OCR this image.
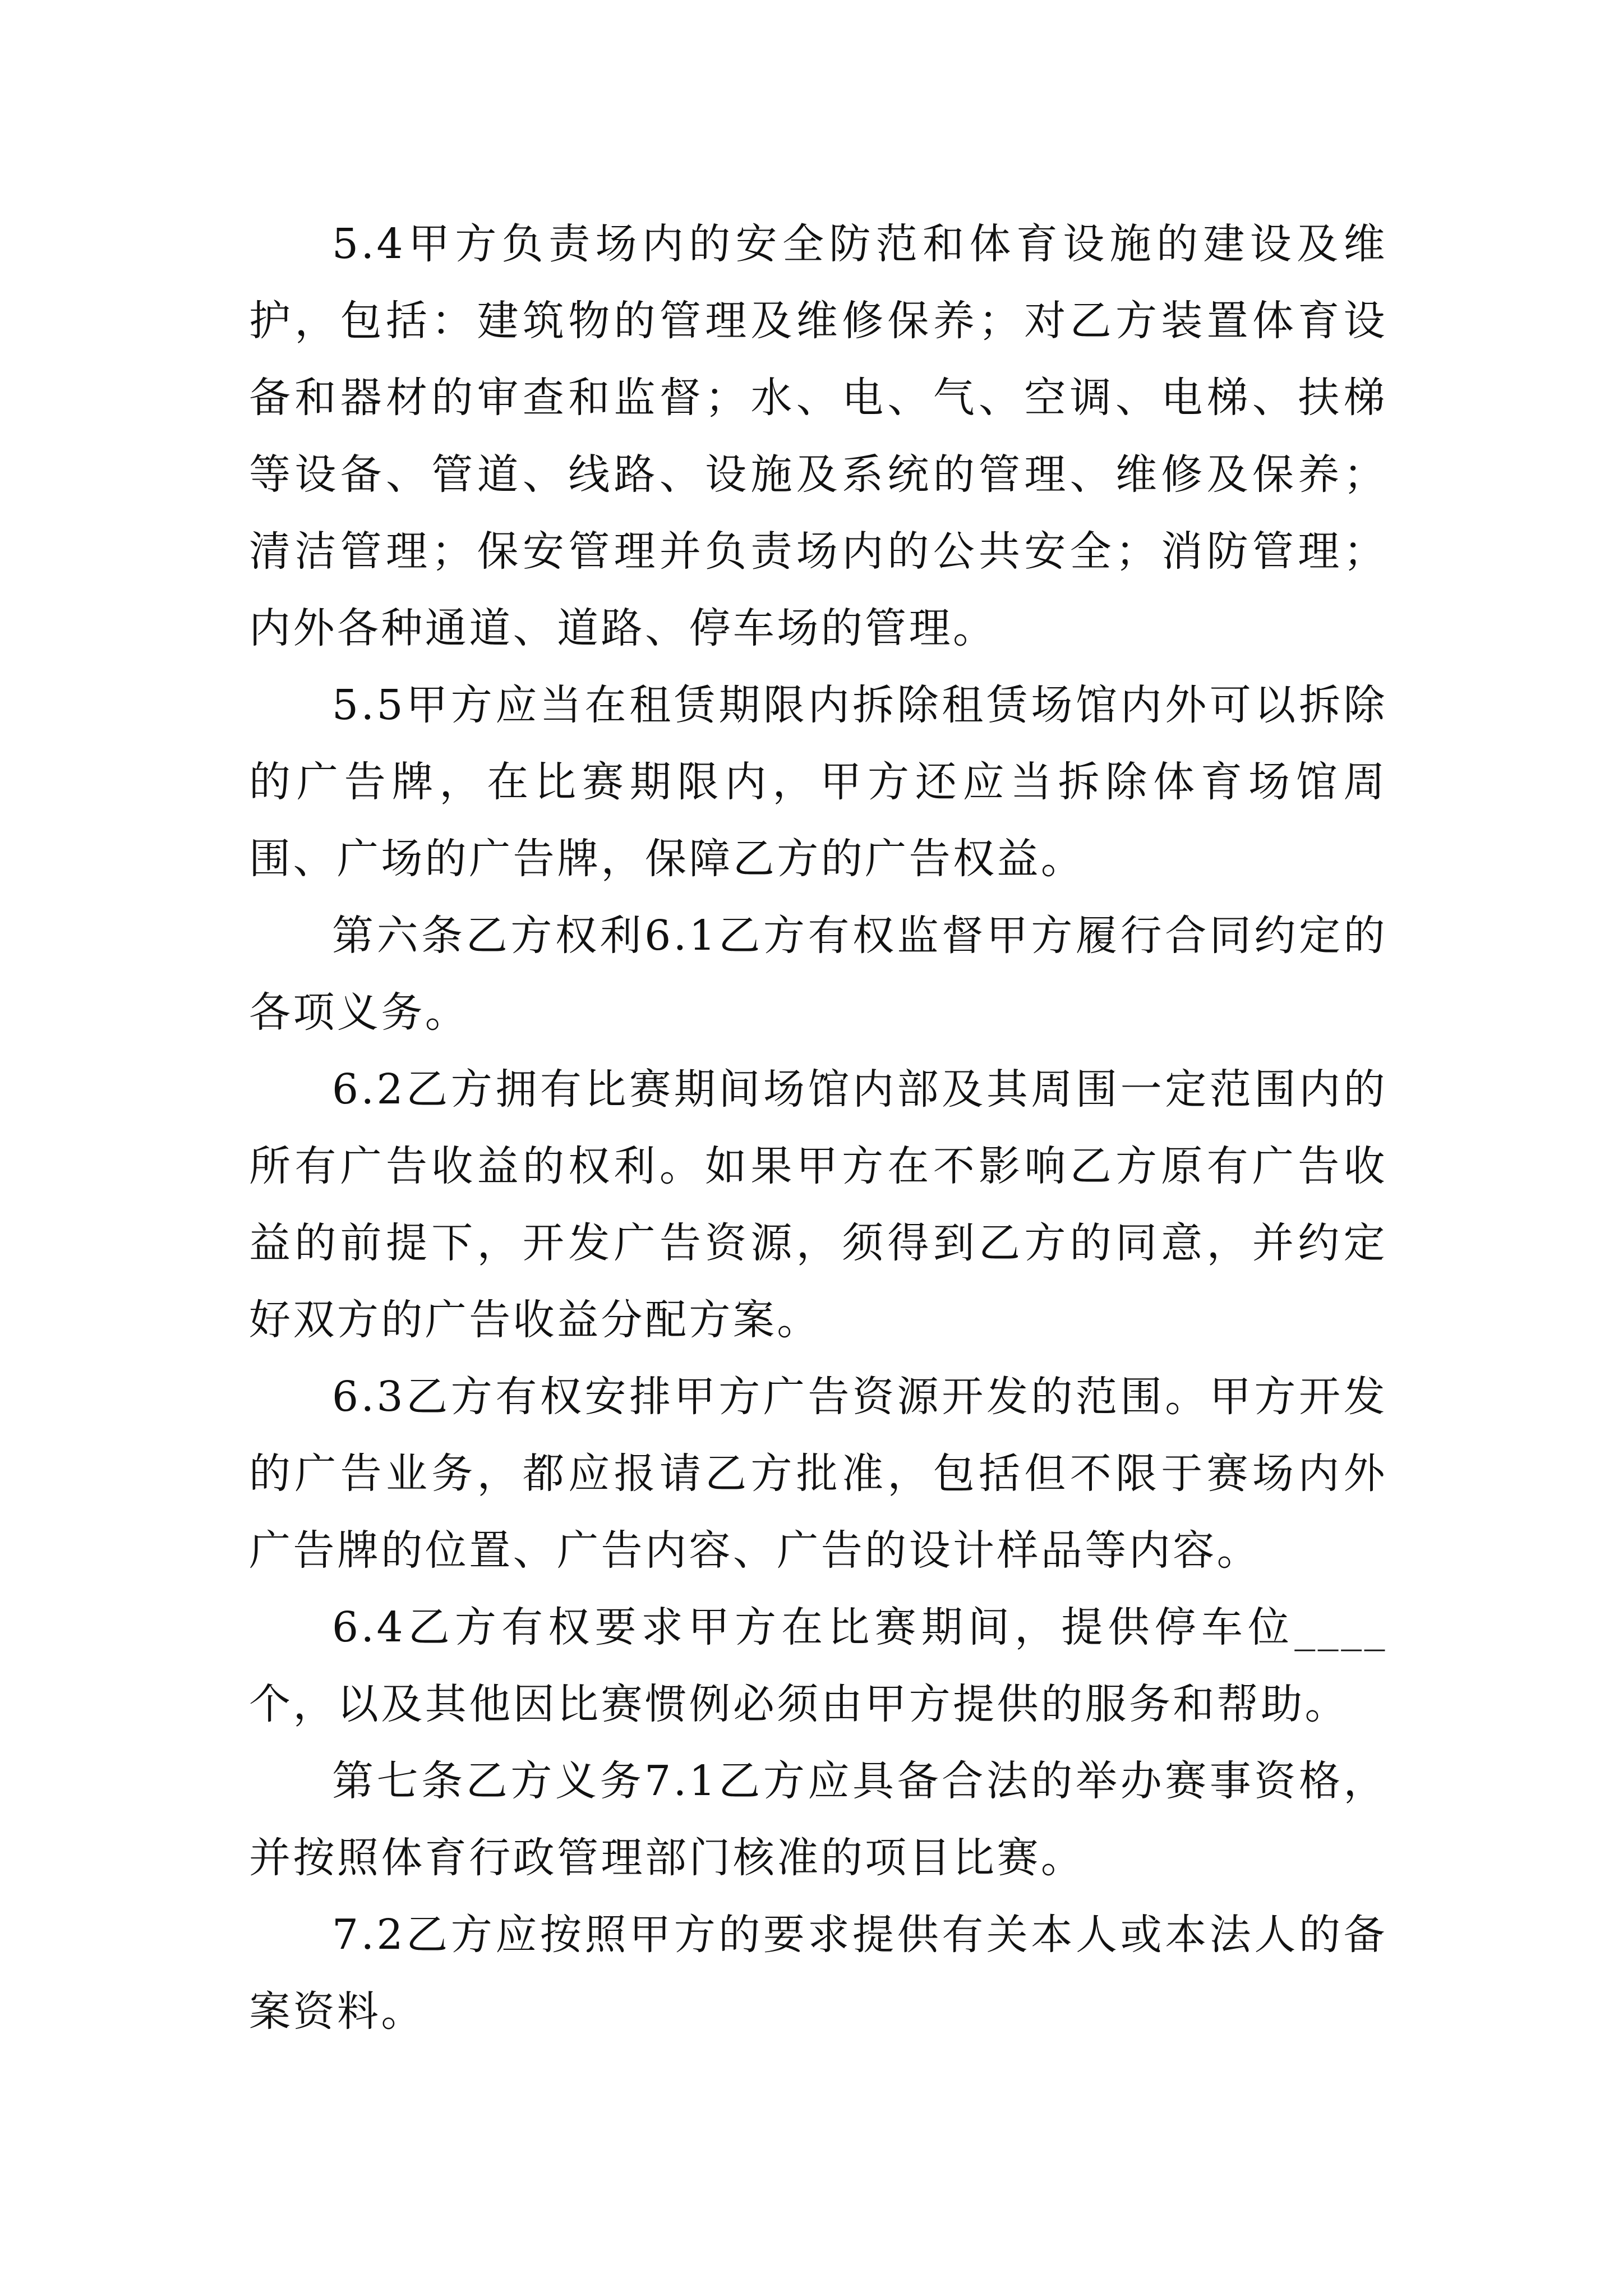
5.4甲方负责场内的安全防范和体育设施的建设及维护，包括：建筑物的管理及维修保养；对乙方装置体育设备和器材的审查和监督；水、电、气、空调、电梯、扶梯等设备、管道、线路、设施及系统的管理、维修及保养；清洁管理；保安管理并负责场内的公共安全；消防管理；内外各种通道、道路、停车场的管理。

5.5甲方应当在租赁期限内拆除租赁场馆内外可以拆除的广告牌，在比赛期限内，甲方还应当拆除体育场馆周围、广场的广告牌，保障乙方的广告权益。

第六条乙方权利6.1乙方有权监督甲方履行合同约定的各项义务。

6.2乙方拥有比赛期间场馆内部及其周围一定范围内的所有广告收益的权利。如果甲方在不影响乙方原有广告收益的前提下，开发广告资源，须得到乙方的同意，并约定好双方的广告收益分配方案。

6.3乙方有权安排甲方广告资源开发的范围。甲方开发的广告业务，都应报请乙方批准，包括但不限于赛场内外广告牌的位置、广告内容、广告的设计样品等内容。

6.4乙方有权要求甲方在比赛期间，提供停车位____个，以及其他因比赛惯例必须由甲方提供的服务和帮助。

第七条乙方义务7.1乙方应具备合法的举办赛事资格，并按照体育行政管理部门核准的项目比赛。

7.2乙方应按照甲方的要求提供有关本人或本法人的备案资料。
